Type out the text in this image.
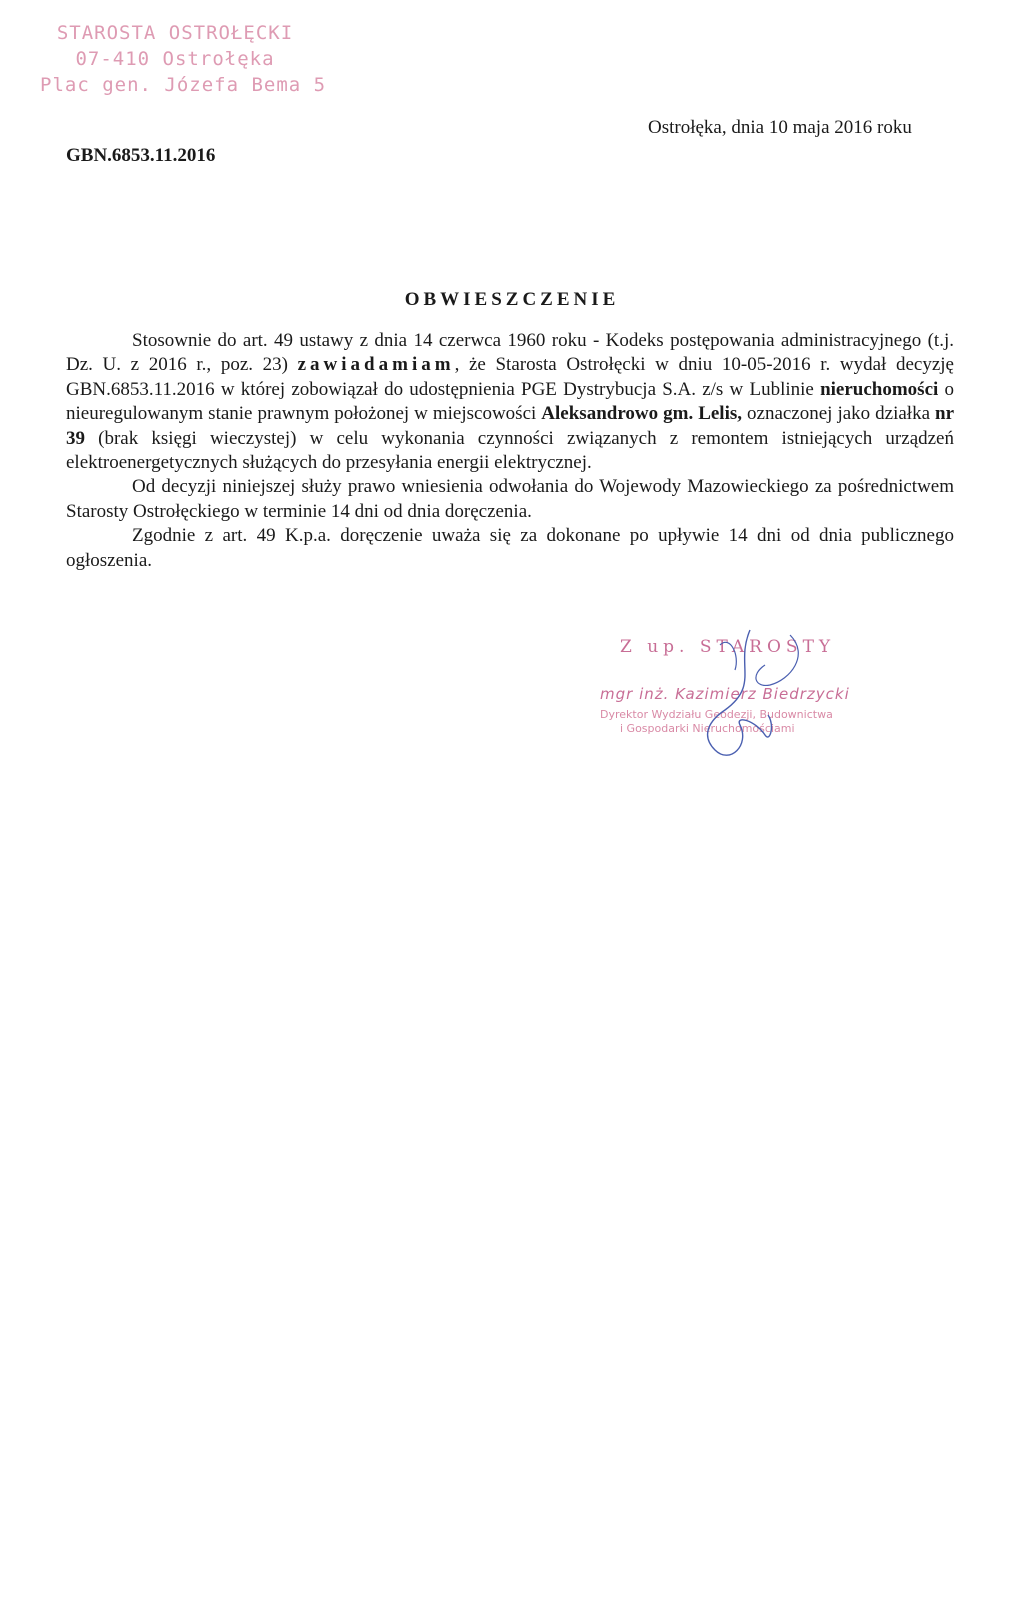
STAROSTA OSTROŁĘCKI
07-410 Ostrołęka
Plac gen. Józefa Bema 5
Ostrołęka, dnia 10 maja 2016 roku
GBN.6853.11.2016
OBWIESZCZENIE

Stosownie do art. 49 ustawy z dnia 14 czerwca 1960 roku - Kodeks postępowania administracyjnego (t.j. Dz. U. z 2016 r., poz. 23) zawiadamiam, że Starosta Ostrołęcki w dniu 10-05-2016 r. wydał decyzję GBN.6853.11.2016 w której zobowiązał do udostępnienia PGE Dystrybucja S.A. z/s w Lublinie nieruchomości o nieuregulowanym stanie prawnym położonej w miejscowości Aleksandrowo gm. Lelis, oznaczonej jako działka nr 39 (brak księgi wieczystej) w celu wykonania czynności związanych z remontem istniejących urządzeń elektroenergetycznych służących do przesyłania energii elektrycznej.

Od decyzji niniejszej służy prawo wniesienia odwołania do Wojewody Mazowieckiego za pośrednictwem Starosty Ostrołęckiego w terminie 14 dni od dnia doręczenia.

Zgodnie z art. 49 K.p.a. doręczenie uważa się za dokonane po upływie 14 dni od dnia publicznego ogłoszenia.

Z up. STAROSTY
mgr inż. Kazimierz Biedrzycki
Dyrektor Wydziału Geodezji, Budownictwa
i Gospodarki Nieruchomościami
